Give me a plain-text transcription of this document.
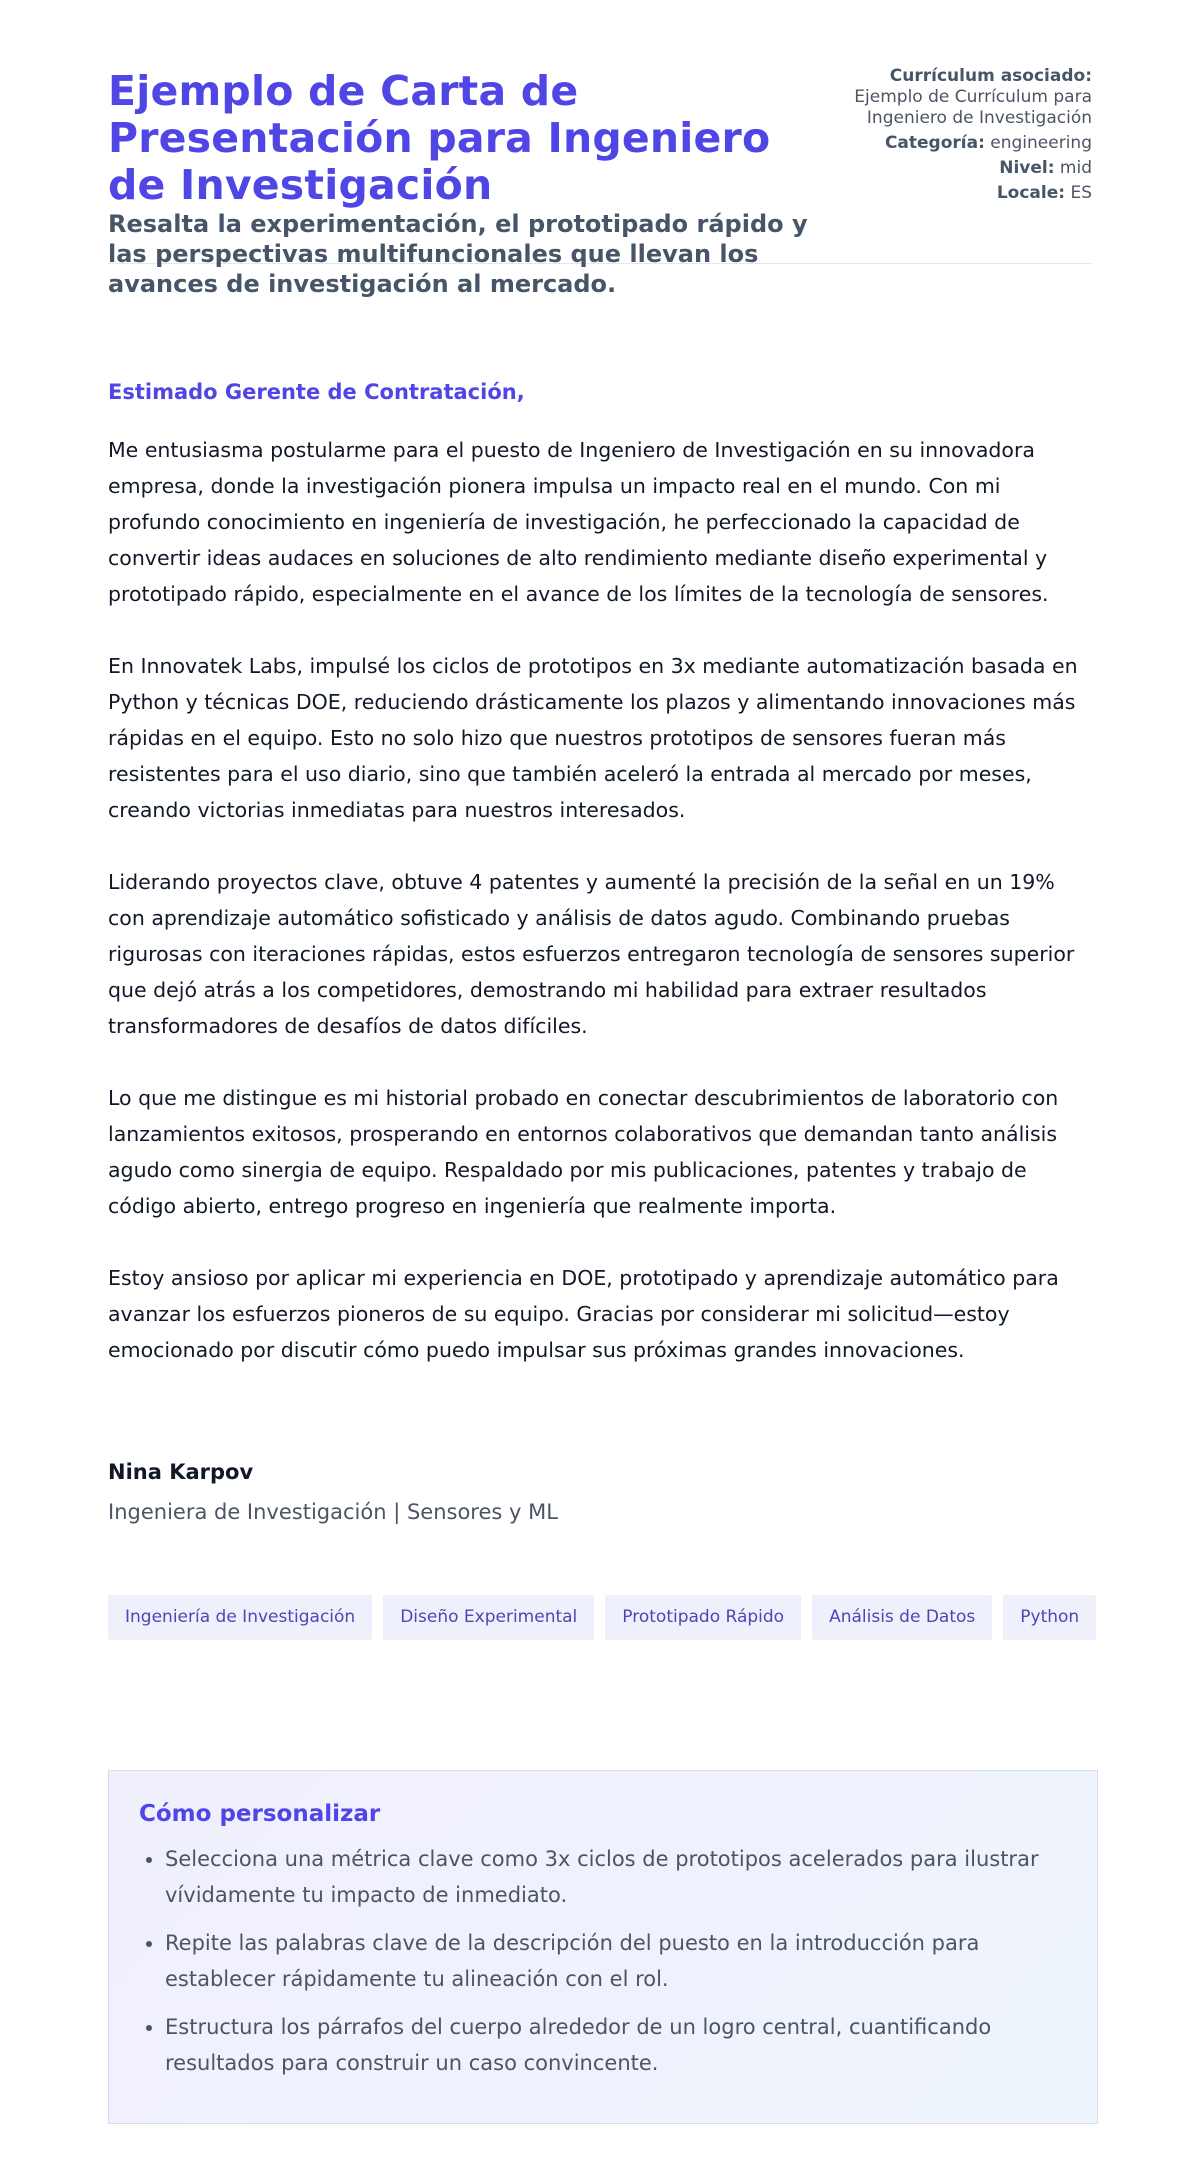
Ejemplo de Carta de Presentación para Ingeniero de Investigación
Resalta la experimentación, el prototipado rápido y las perspectivas multifuncionales que llevan los avances de investigación al mercado.
Currículum asociado:
Ejemplo de Currículum para Ingeniero de Investigación
Categoría: engineering
Nivel: mid
Locale: ES

Estimado Gerente de Contratación,

Me entusiasma postularme para el puesto de Ingeniero de Investigación en su innovadora empresa, donde la investigación pionera impulsa un impacto real en el mundo. Con mi profundo conocimiento en ingeniería de investigación, he perfeccionado la capacidad de convertir ideas audaces en soluciones de alto rendimiento mediante diseño experimental y prototipado rápido, especialmente en el avance de los límites de la tecnología de sensores.

En Innovatek Labs, impulsé los ciclos de prototipos en 3x mediante automatización basada en Python y técnicas DOE, reduciendo drásticamente los plazos y alimentando innovaciones más rápidas en el equipo. Esto no solo hizo que nuestros prototipos de sensores fueran más resistentes para el uso diario, sino que también aceleró la entrada al mercado por meses, creando victorias inmediatas para nuestros interesados.

Liderando proyectos clave, obtuve 4 patentes y aumenté la precisión de la señal en un 19% con aprendizaje automático sofisticado y análisis de datos agudo. Combinando pruebas rigurosas con iteraciones rápidas, estos esfuerzos entregaron tecnología de sensores superior que dejó atrás a los competidores, demostrando mi habilidad para extraer resultados transformadores de desafíos de datos difíciles.

Lo que me distingue es mi historial probado en conectar descubrimientos de laboratorio con lanzamientos exitosos, prosperando en entornos colaborativos que demandan tanto análisis agudo como sinergia de equipo. Respaldado por mis publicaciones, patentes y trabajo de código abierto, entrego progreso en ingeniería que realmente importa.

Estoy ansioso por aplicar mi experiencia en DOE, prototipado y aprendizaje automático para avanzar los esfuerzos pioneros de su equipo. Gracias por considerar mi solicitud—estoy emocionado por discutir cómo puedo impulsar sus próximas grandes innovaciones.

Nina Karpov
Ingeniera de Investigación | Sensores y ML
Ingeniería de Investigación	Diseño Experimental	Prototipado Rápido	Análisis de Datos	Python
Cómo personalizar
• Selecciona una métrica clave como 3x ciclos de prototipos acelerados para ilustrar vívidamente tu impacto de inmediato.
• Repite las palabras clave de la descripción del puesto en la introducción para establecer rápidamente tu alineación con el rol.
• Estructura los párrafos del cuerpo alrededor de un logro central, cuantificando resultados para construir un caso convincente.
